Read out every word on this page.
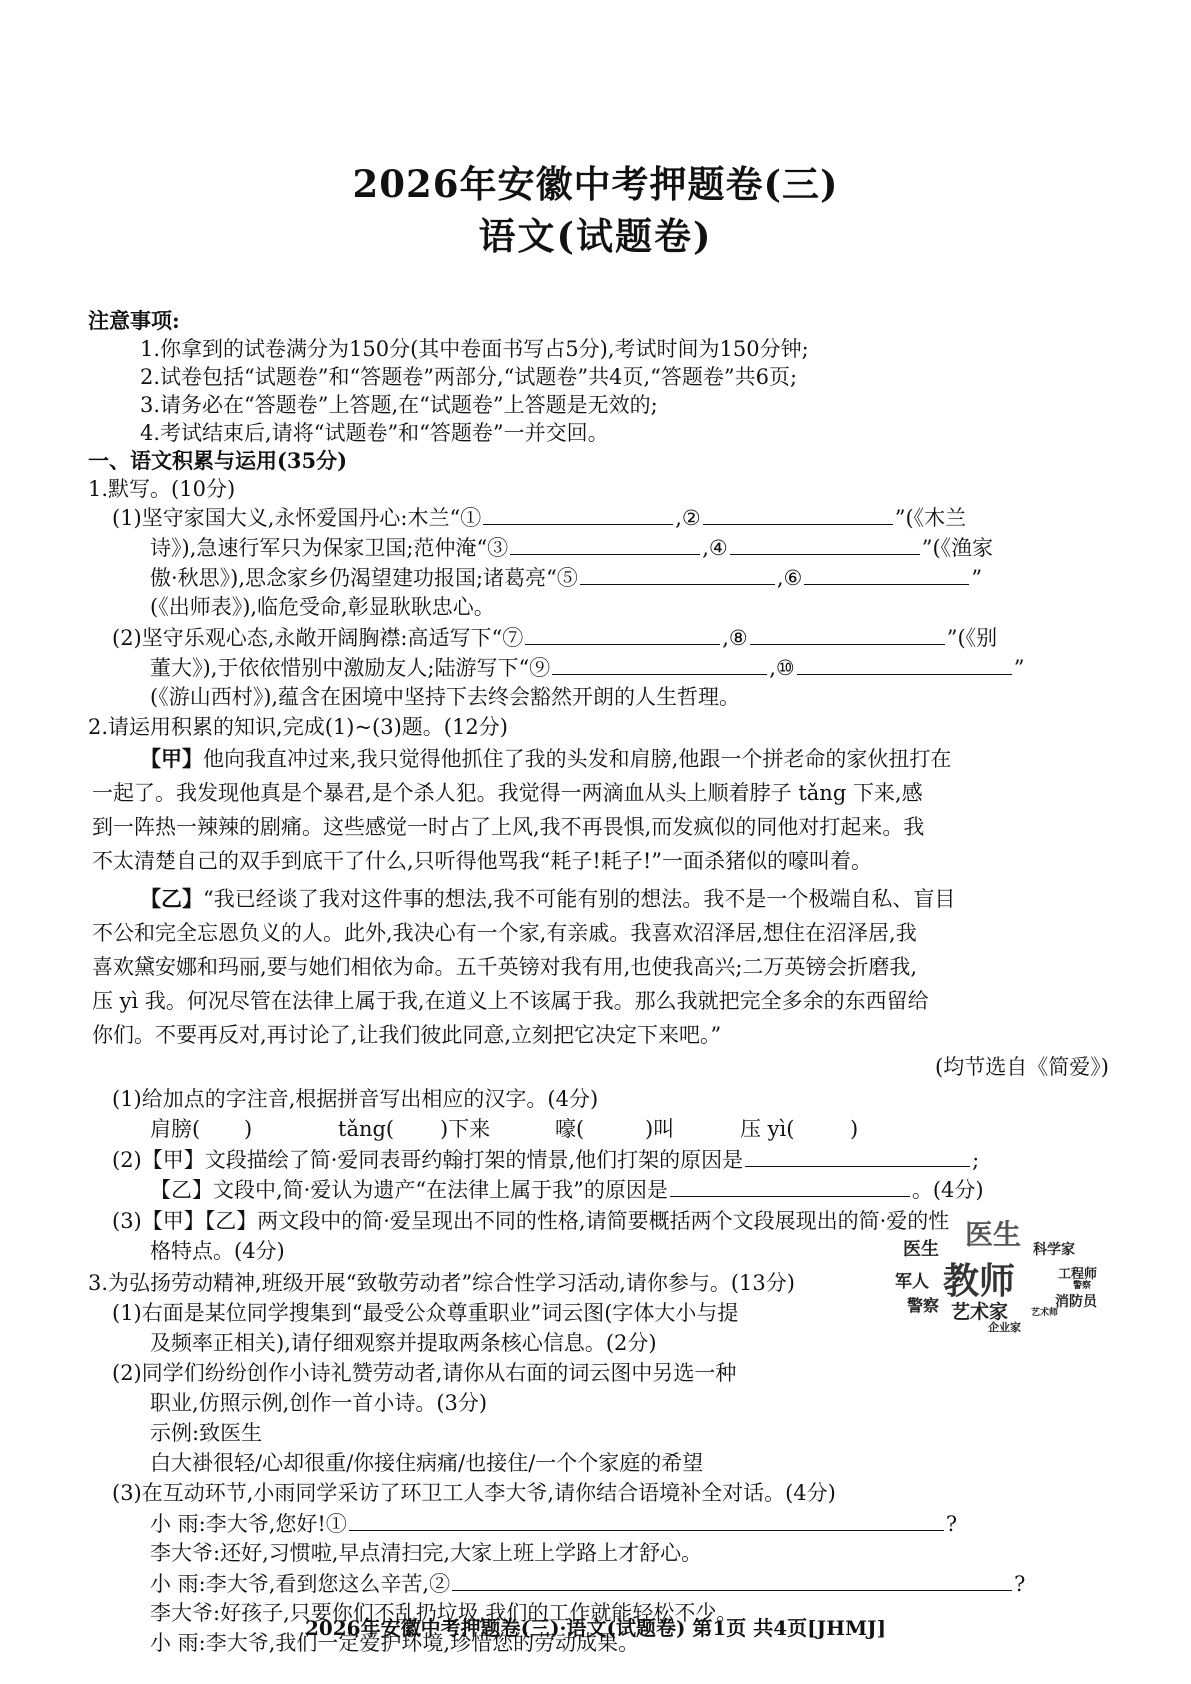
2026年安徽中考押题卷(三)
语文(试题卷)
注意事项:
1.你拿到的试卷满分为150分(其中卷面书写占5分),考试时间为150分钟;
2.试卷包括“试题卷”和“答题卷”两部分,“试题卷”共4页,“答题卷”共6页;
3.请务必在“答题卷”上答题,在“试题卷”上答题是无效的;
4.考试结束后,请将“试题卷”和“答题卷”一并交回。
一、语文积累与运用(35分)
1.默写。(10分)
(1)坚守家国大义,永怀爱国丹心:木兰“①	,②	”(《木兰
诗》),急速行军只为保家卫国;范仲淹“③	,④	”(《渔家
傲·秋思》),思念家乡仍渴望建功报国;诸葛亮“⑤	,⑥	”
(《出师表》),临危受命,彰显耿耿忠心。
(2)坚守乐观心态,永敞开阔胸襟:高适写下“⑦	,⑧	”(《别
董大》),于依依惜别中激励友人;陆游写下“⑨	,⑩	”
(《游山西村》),蕴含在困境中坚持下去终会豁然开朗的人生哲理。
2.请运用积累的知识,完成(1)~(3)题。(12分)
【甲】他向我直冲过来,我只觉得他抓住了我的头发和肩膀,他跟一个拼老命的家伙扭打在
一起了。我发现他真是个暴君,是个杀人犯。我觉得一两滴血从头上顺着脖子 tǎng 下来,感
到一阵热一辣辣的剧痛。这些感觉一时占了上风,我不再畏惧,而发疯似的同他对打起来。我
不太清楚自己的双手到底干了什么,只听得他骂我“耗子!耗子!”一面杀猪似的嚎叫着。
【乙】“我已经谈了我对这件事的想法,我不可能有别的想法。我不是一个极端自私、盲目
不公和完全忘恩负义的人。此外,我决心有一个家,有亲戚。我喜欢沼泽居,想住在沼泽居,我
喜欢黛安娜和玛丽,要与她们相依为命。五千英镑对我有用,也使我高兴;二万英镑会折磨我,
压 yì 我。何况尽管在法律上属于我,在道义上不该属于我。那么我就把完全多余的东西留给
你们。不要再反对,再讨论了,让我们彼此同意,立刻把它决定下来吧。”
(均节选自《简爱》)
(1)给加点的字注音,根据拼音写出相应的汉字。(4分)
肩膀( )	tǎng( )下来	嚎(	)叫	压 yì(	)
(2)【甲】文段描绘了简·爱同表哥约翰打架的情景,他们打架的原因是	;
【乙】文段中,简·爱认为遗产“在法律上属于我”的原因是	。(4分)
(3)【甲】【乙】两文段中的简·爱呈现出不同的性格,请简要概括两个文段展现出的简·爱的性
格特点。(4分)
3.为弘扬劳动精神,班级开展“致敬劳动者”综合性学习活动,请你参与。(13分)
(1)右面是某位同学搜集到“最受公众尊重职业”词云图(字体大小与提
及频率正相关),请仔细观察并提取两条核心信息。(2分)
(2)同学们纷纷创作小诗礼赞劳动者,请你从右面的词云图中另选一种
职业,仿照示例,创作一首小诗。(3分)
示例:致医生
白大褂很轻/心却很重/你接住病痛/也接住/一个个家庭的希望
(3)在互动环节,小雨同学采访了环卫工人李大爷,请你结合语境补全对话。(4分)
小 雨:李大爷,您好!①	?
李大爷:还好,习惯啦,早点清扫完,大家上班上学路上才舒心。
小 雨:李大爷,看到您这么辛苦,②	?
李大爷:好孩子,只要你们不乱扔垃圾,我们的工作就能轻松不少。
小 雨:李大爷,我们一定爱护环境,珍惜您的劳动成果。
医生
医生	科学家
军人 教师	工程师
警察
消防员
警察 艺术家	艺术师
企业家
2026年安徽中考押题卷(三)·语文(试题卷) 第1页 共4页[JHMJ]
